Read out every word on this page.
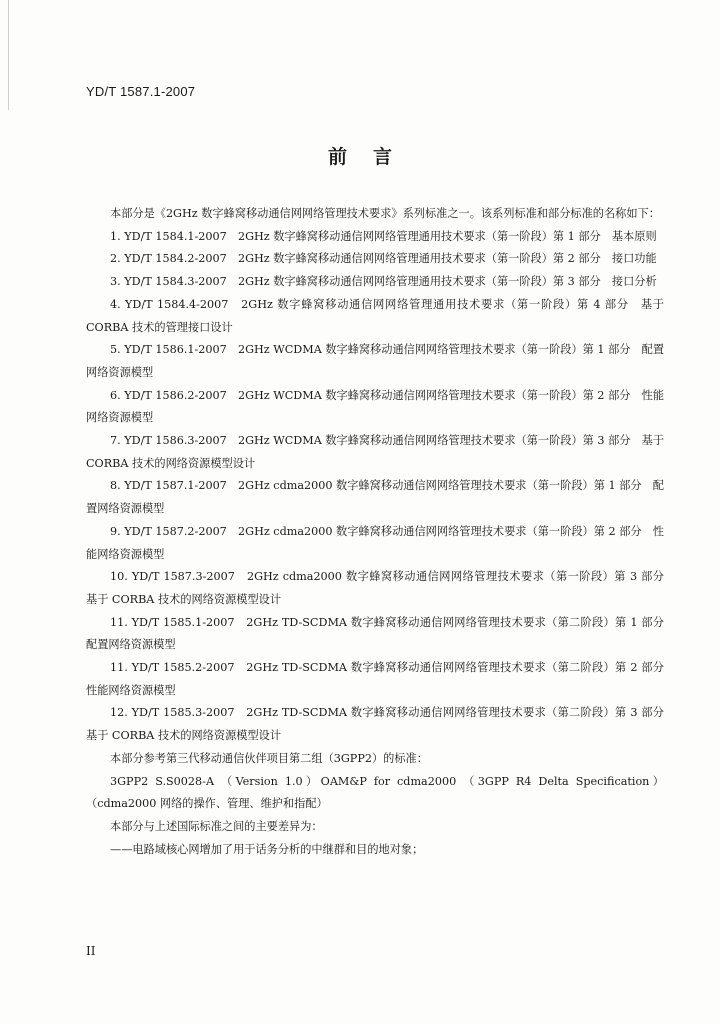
YD/T 1587.1-2007
前言

本部分是《2GHz 数字蜂窝移动通信网网络管理技术要求》系列标准之一。该系列标准和部分标准的名称如下：

1. YD/T 1584.1-2007　2GHz 数字蜂窝移动通信网网络管理通用技术要求（第一阶段）第 1 部分　基本原则

2. YD/T 1584.2-2007　2GHz 数字蜂窝移动通信网网络管理通用技术要求（第一阶段）第 2 部分　接口功能

3. YD/T 1584.3-2007　2GHz 数字蜂窝移动通信网网络管理通用技术要求（第一阶段）第 3 部分　接口分析

4. YD/T 1584.4-2007　2GHz 数字蜂窝移动通信网网络管理通用技术要求（第一阶段）第 4 部分　基于 CORBA 技术的管理接口设计

5. YD/T 1586.1-2007　2GHz WCDMA 数字蜂窝移动通信网网络管理技术要求（第一阶段）第 1 部分　配置网络资源模型

6. YD/T 1586.2-2007　2GHz WCDMA 数字蜂窝移动通信网网络管理技术要求（第一阶段）第 2 部分　性能网络资源模型

7. YD/T 1586.3-2007　2GHz WCDMA 数字蜂窝移动通信网网络管理技术要求（第一阶段）第 3 部分　基于 CORBA 技术的网络资源模型设计

8. YD/T 1587.1-2007　2GHz cdma2000 数字蜂窝移动通信网网络管理技术要求（第一阶段）第 1 部分　配置网络资源模型

9. YD/T 1587.2-2007　2GHz cdma2000 数字蜂窝移动通信网网络管理技术要求（第一阶段）第 2 部分　性能网络资源模型

10. YD/T 1587.3-2007　2GHz cdma2000 数字蜂窝移动通信网网络管理技术要求（第一阶段）第 3 部分　基于 CORBA 技术的网络资源模型设计

11. YD/T 1585.1-2007　2GHz TD-SCDMA 数字蜂窝移动通信网网络管理技术要求（第二阶段）第 1 部分　配置网络资源模型

11. YD/T 1585.2-2007　2GHz TD-SCDMA 数字蜂窝移动通信网网络管理技术要求（第二阶段）第 2 部分　性能网络资源模型

12. YD/T 1585.3-2007　2GHz TD-SCDMA 数字蜂窝移动通信网网络管理技术要求（第二阶段）第 3 部分　基于 CORBA 技术的网络资源模型设计

本部分参考第三代移动通信伙伴项目第二组（3GPP2）的标准：

3GPP2 S.S0028-A （Version 1.0）OAM&P for cdma2000 （3GPP R4 Delta Specification）（cdma2000 网络的操作、管理、维护和指配）

本部分与上述国际标准之间的主要差异为：

——电路域核心网增加了用于话务分析的中继群和目的地对象；

II
